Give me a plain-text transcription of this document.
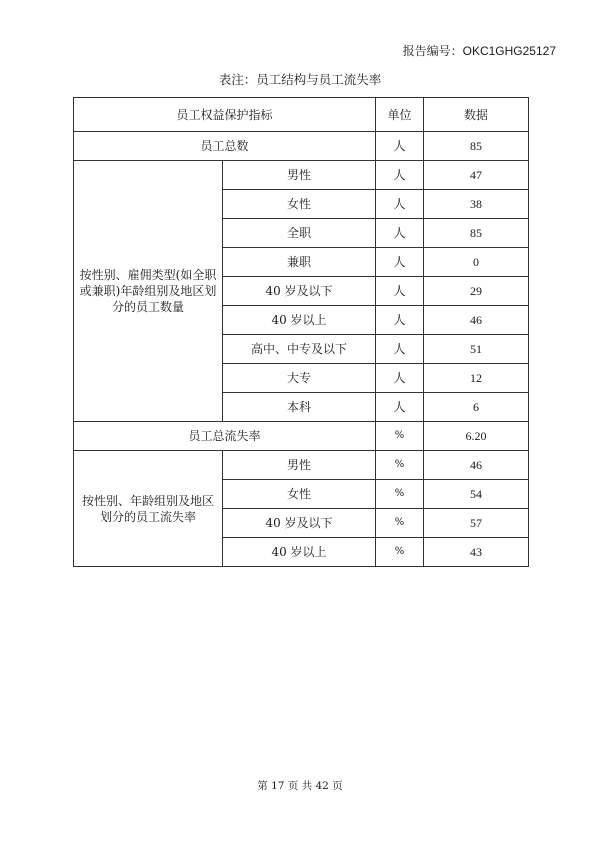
报告编号：OKC1GHG25127
表注：员工结构与员工流失率
员工权益保护指标		单位	数据
员工总数		人	85
按性别、雇佣类型(如全职或兼职)年龄组别及地区划分的员工数量	男性	人	47
	女性	人	38
	全职	人	85
	兼职	人	0
	40 岁及以下	人	29
	40 岁以上	人	46
	高中、中专及以下	人	51
	大专	人	12
	本科	人	6
员工总流失率		%	6.20
按性别、年龄组别及地区划分的员工流失率	男性	%	46
	女性	%	54
	40 岁及以下	%	57
	40 岁以上	%	43
第 17 页 共 42 页
